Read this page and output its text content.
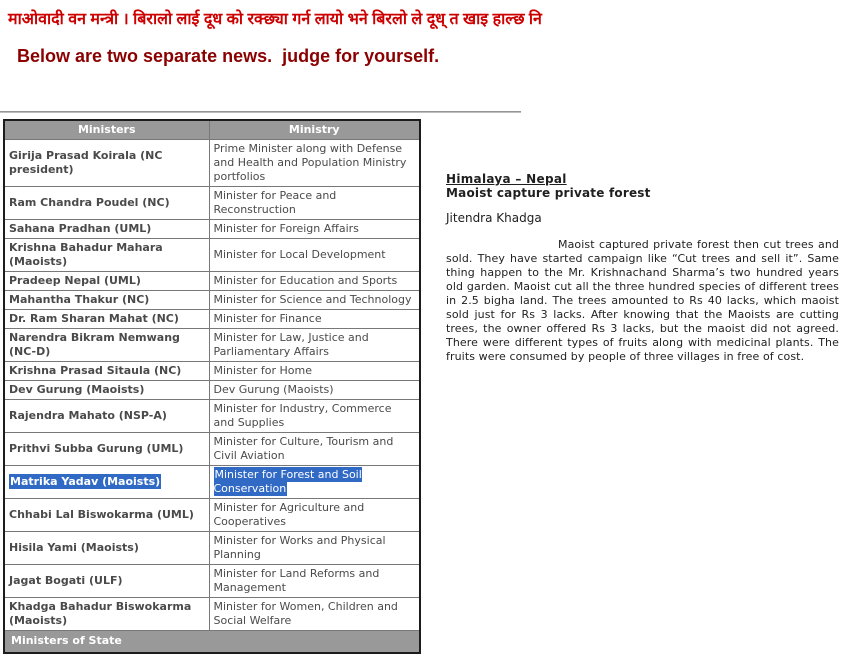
माओवादी वन मन्त्री । बिरालो लाई दूध को रक्छ्या गर्न लायो भने बिरलो ले दूध् त खाइ हाल्छ नि
Below are two separate news.  judge for yourself.
Ministers	Ministry
Girija Prasad Koirala (NC president)	Prime Minister along with Defense and Health and Population Ministry portfolios
Ram Chandra Poudel (NC)	Minister for Peace and Reconstruction
Sahana Pradhan (UML)	Minister for Foreign Affairs
Krishna Bahadur Mahara (Maoists)	Minister for Local Development
Pradeep Nepal (UML)	Minister for Education and Sports
Mahantha Thakur (NC)	Minister for Science and Technology
Dr. Ram Sharan Mahat (NC)	Minister for Finance
Narendra Bikram Nemwang (NC-D)	Minister for Law, Justice and Parliamentary Affairs
Krishna Prasad Sitaula (NC)	Minister for Home
Dev Gurung (Maoists)	Dev Gurung (Maoists)
Rajendra Mahato (NSP-A)	Minister for Industry, Commerce and Supplies
Prithvi Subba Gurung (UML)	Minister for Culture, Tourism and Civil Aviation
Matrika Yadav (Maoists)	Minister for Forest and Soil Conservation
Chhabi Lal Biswokarma (UML)	Minister for Agriculture and Cooperatives
Hisila Yami (Maoists)	Minister for Works and Physical Planning
Jagat Bogati (ULF)	Minister for Land Reforms and Management
Khadga Bahadur Biswokarma (Maoists)	Minister for Women, Children and Social Welfare
Ministers of State	
Himalaya – Nepal
Maoist capture private forest
Jitendra Khadga
Maoist captured private forest then cut trees and sold. They have started campaign like “Cut trees and sell it”. Same thing happen to the Mr. Krishnachand Sharma’s two hundred years old garden. Maoist cut all the three hundred species of different trees in 2.5 bigha land. The trees amounted to Rs 40 lacks, which maoist sold just for Rs 3 lacks. After knowing that the Maoists are cutting trees, the owner offered Rs 3 lacks, but the maoist did not agreed. There were different types of fruits along with medicinal plants. The fruits were consumed by people of three villages in free of cost.
